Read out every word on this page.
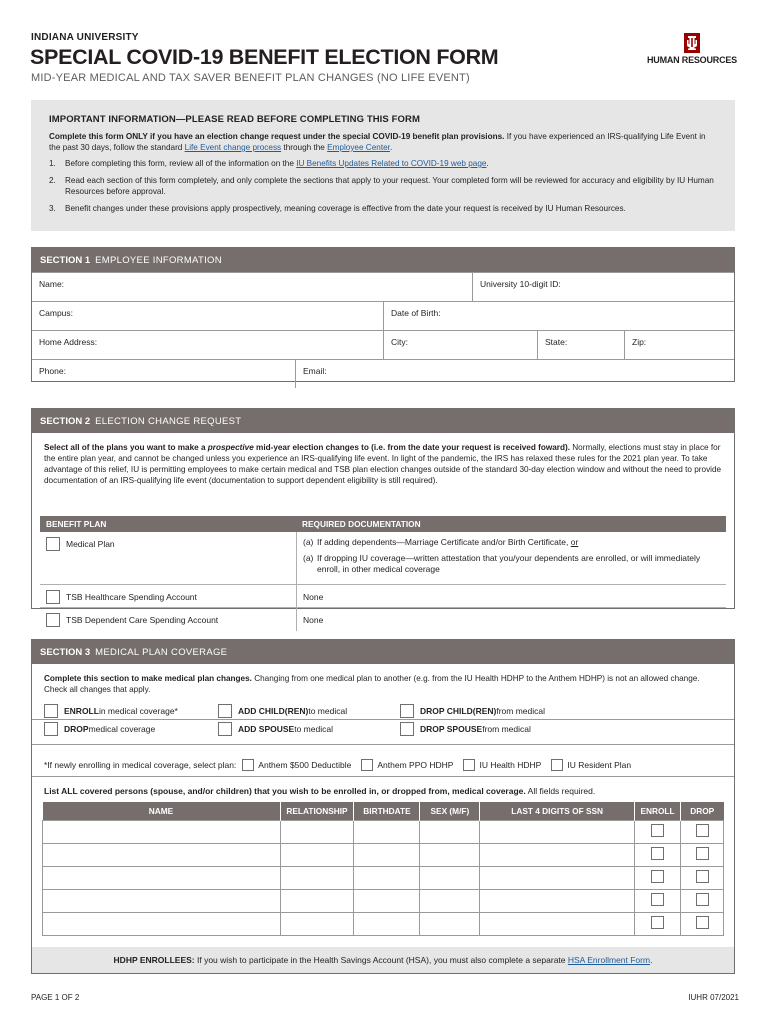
INDIANA UNIVERSITY
SPECIAL COVID-19 BENEFIT ELECTION FORM
MID-YEAR MEDICAL AND TAX SAVER BENEFIT PLAN CHANGES (NO LIFE EVENT)
HUMAN RESOURCES
IMPORTANT INFORMATION—PLEASE READ BEFORE COMPLETING THIS FORM
Complete this form ONLY if you have an election change request under the special COVID-19 benefit plan provisions. If you have experienced an IRS-qualifying Life Event in the past 30 days, follow the standard Life Event change process through the Employee Center.
1. Before completing this form, review all of the information on the IU Benefits Updates Related to COVID-19 web page.
2. Read each section of this form completely, and only complete the sections that apply to your request. Your completed form will be reviewed for accuracy and eligibility by IU Human Resources before approval.
3. Benefit changes under these provisions apply prospectively, meaning coverage is effective from the date your request is received by IU Human Resources.
SECTION 1 EMPLOYEE INFORMATION
Name:	University 10-digit ID:
Campus:	Date of Birth:
Home Address:	City:	State:	Zip:
Phone:	Email:
SECTION 2 ELECTION CHANGE REQUEST
Select all of the plans you want to make a prospective mid-year election changes to (i.e. from the date your request is received foward). Normally, elections must stay in place for the entire plan year, and cannot be changed unless you experience an IRS-qualifying life event. In light of the pandemic, the IRS has relaxed these rules for the 2021 plan year. To take advantage of this relief, IU is permitting employees to make certain medical and TSB plan election changes outside of the standard 30-day election window and without the need to provide documentation of an IRS-qualifying life event (documentation to support dependent eligibility is still required).
BENEFIT PLAN	REQUIRED DOCUMENTATION
Medical Plan	(a) If adding dependents—Marriage Certificate and/or Birth Certificate, or
(a) If dropping IU coverage—written attestation that you/your dependents are enrolled, or will immediately enroll, in other medical coverage
TSB Healthcare Spending Account	None
TSB Dependent Care Spending Account	None
SECTION 3 MEDICAL PLAN COVERAGE
Complete this section to make medical plan changes. Changing from one medical plan to another (e.g. from the IU Health HDHP to the Anthem HDHP) is not an allowed change. Check all changes that apply.
ENROLL in medical coverage*
DROP medical coverage
ADD CHILD(REN) to medical
ADD SPOUSE to medical
DROP CHILD(REN) from medical
DROP SPOUSE from medical
*If newly enrolling in medical coverage, select plan:	Anthem $500 Deductible	Anthem PPO HDHP	IU Health HDHP	IU Resident Plan
List ALL covered persons (spouse, and/or children) that you wish to be enrolled in, or dropped from, medical coverage. All fields required.
NAME	RELATIONSHIP	BIRTHDATE	SEX (M/F)	LAST 4 DIGITS OF SSN	ENROLL	DROP

HDHP ENROLLEES: If you wish to participate in the Health Savings Account (HSA), you must also complete a separate HSA Enrollment Form.
PAGE 1 OF 2	IUHR 07/2021
